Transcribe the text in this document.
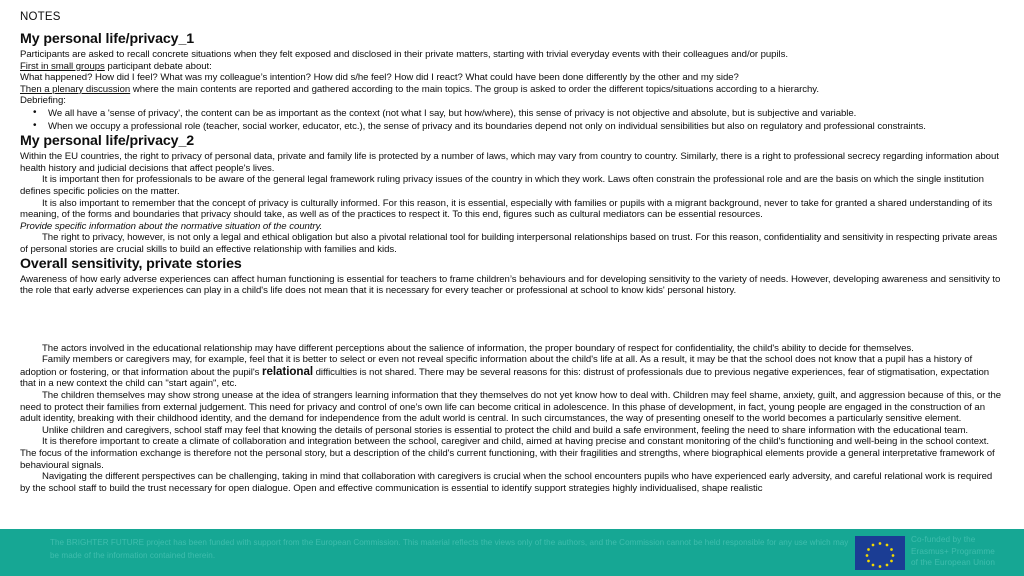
NOTES
My personal life/privacy_1

Participants are asked to recall concrete situations when they felt exposed and disclosed in their private matters, starting with trivial everyday events with their colleagues and/or pupils.

First in small groups participant debate about:

What happened? How did I feel? What was my colleague’s intention? How did s/he feel? How did I react? What could have been done differently by the other and my side?

Then a plenary discussion where the main contents are reported and gathered according to the main topics. The group is asked to order the different topics/situations according to a hierarchy.

Debriefing:

• We all have a 'sense of privacy', the content can be as important as the context (not what I say, but how/where), this sense of privacy is not objective and absolute, but is subjective and variable.
• When we occupy a professional role (teacher, social worker, educator, etc.), the sense of privacy and its boundaries depend not only on individual sensibilities but also on regulatory and professional constraints.
My personal life/privacy_2

Within the EU countries, the right to privacy of personal data, private and family life is protected by a number of laws, which may vary from country to country. Similarly, there is a right to professional secrecy regarding information about health history and judicial decisions that affect people's lives.

It is important then for professionals to be aware of the general legal framework ruling privacy issues of the country in which they work. Laws often constrain the professional role and are the basis on which the single institution defines specific policies on the matter.

It is also important to remember that the concept of privacy is culturally informed. For this reason, it is essential, especially with families or pupils with a migrant background, never to take for granted a shared understanding of its meaning, of the forms and boundaries that privacy should take, as well as of the practices to respect it. To this end, figures such as cultural mediators can be essential resources.

Provide specific information about the normative situation of the country.

The right to privacy, however, is not only a legal and ethical obligation but also a pivotal relational tool for building interpersonal relationships based on trust. For this reason, confidentiality and sensitivity in respecting private areas of personal stories are crucial skills to build an effective relationship with families and kids.

Overall sensitivity, private stories

Awareness of how early adverse experiences can affect human functioning is essential for teachers to frame children’s behaviours and for developing sensitivity to the variety of needs. However, developing awareness and sensitivity to the role that early adverse experiences can play in a child's life does not mean that it is necessary for every teacher or professional at school to know kids' personal history.

The actors involved in the educational relationship may have different perceptions about the salience of information, the proper boundary of respect for confidentiality, the child's ability to decide for themselves.

Family members or caregivers may, for example, feel that it is better to select or even not reveal specific information about the child's life at all. As a result, it may be that the school does not know that a pupil has a history of adoption or fostering, or that information about the pupil's relational difficulties is not shared. There may be several reasons for this: distrust of professionals due to previous negative experiences, fear of stigmatisation, expectation that in a new context the child can "start again", etc.

The children themselves may show strong unease at the idea of strangers learning information that they themselves do not yet know how to deal with. Children may feel shame, anxiety, guilt, and aggression because of this, or the need to protect their families from external judgement. This need for privacy and control of one’s own life can become critical in adolescence. In this phase of development, in fact, young people are engaged in the construction of an adult identity, breaking with their childhood identity, and the demand for independence from the adult world is central. In such circumstances, the way of presenting oneself to the world becomes a particularly sensitive element.

Unlike children and caregivers, school staff may feel that knowing the details of personal stories is essential to protect the child and build a safe environment, feeling the need to share information with the educational team.

It is therefore important to create a climate of collaboration and integration between the school, caregiver and child, aimed at having precise and constant monitoring of the child's functioning and well-being in the school context. The focus of the information exchange is therefore not the personal story, but a description of the child's current functioning, with their fragilities and strengths, where biographical elements provide a general interpretative framework of behavioural signals.

Navigating the different perspectives can be challenging, taking in mind that collaboration with caregivers is crucial when the school encounters pupils who have experienced early adversity, and careful relational work is required by the school staff to build the trust necessary for open dialogue. Open and effective communication is essential to identify support strategies highly individualised, shape realistic

The BRIGHTER FUTURE project has been funded with support from the European Commission. This material reflects the views only of the authors, and the Commission cannot be held responsible for any use which may be made of the information contained therein.
Co-funded by the
Erasmus+ Programme
of the European Union
